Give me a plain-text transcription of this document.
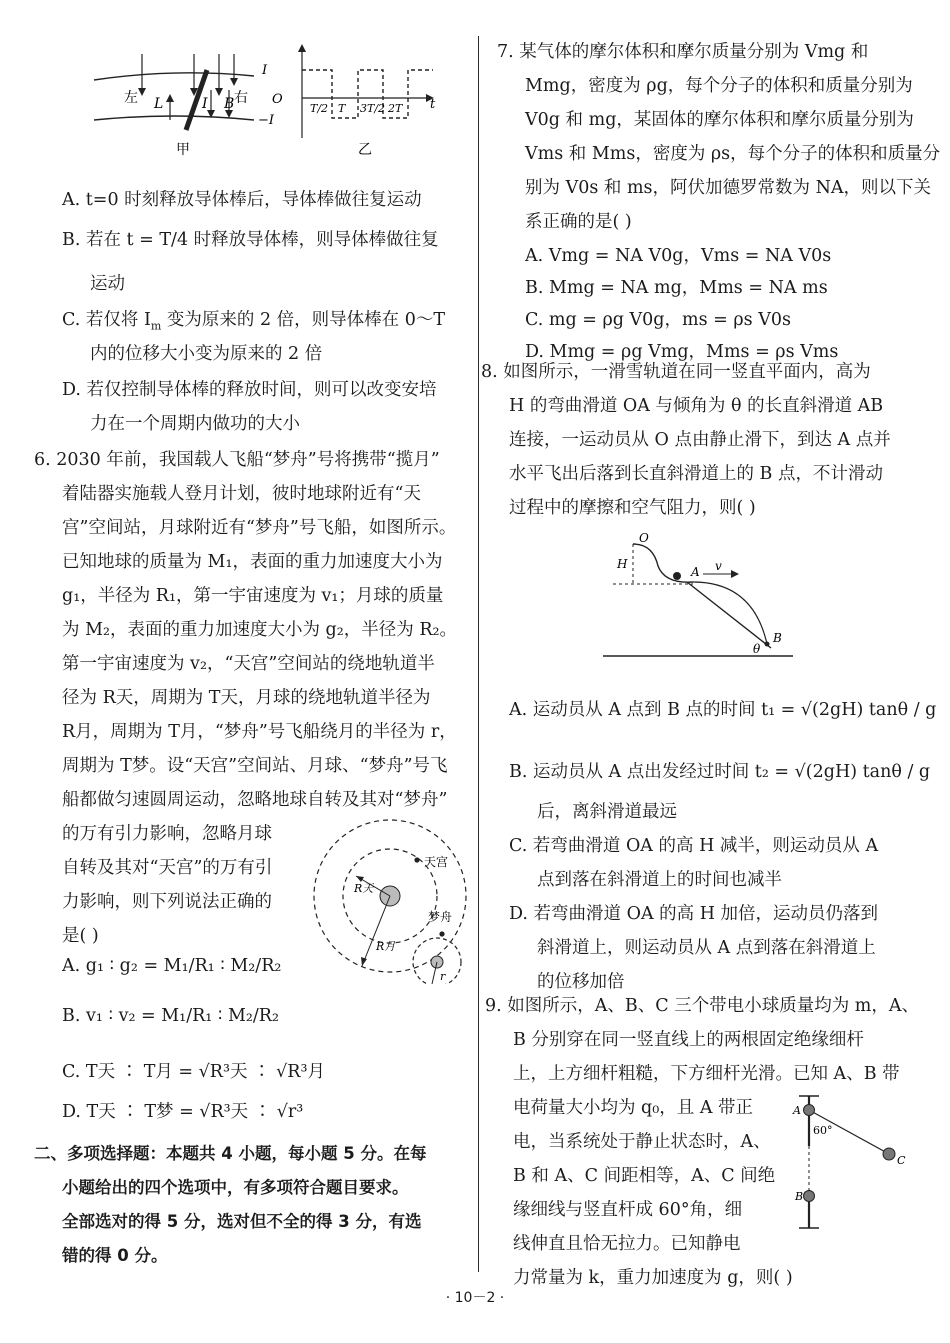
左 L	I B 右
甲
I
O
−I
T/2 T 3T/2 2T t
乙
A. t=0 时刻释放导体棒后，导体棒做往复运动
B. 若在 t = T/4 时释放导体棒，则导体棒做往复
运动
C. 若仅将 $I_m$ 变为原来的 2 倍，则导体棒在 0～T
内的位移大小变为原来的 2 倍
D. 若仅控制导体棒的释放时间，则可以改变安培
力在一个周期内做功的大小
6. 2030 年前，我国载人飞船“梦舟”号将携带“揽月”
着陆器实施载人登月计划，彼时地球附近有“天
宫”空间站，月球附近有“梦舟”号飞船，如图所示。
已知地球的质量为 M₁，表面的重力加速度大小为
g₁，半径为 R₁，第一宇宙速度为 v₁；月球的质量
为 M₂，表面的重力加速度大小为 g₂，半径为 R₂。
第一宇宙速度为 v₂，“天宫”空间站的绕地轨道半
径为 R天，周期为 T天，月球的绕地轨道半径为
R月，周期为 T月，“梦舟”号飞船绕月的半径为 r，
周期为 T梦。设“天宫”空间站、月球、“梦舟”号飞
船都做匀速圆周运动，忽略地球自转及其对“梦舟”
的万有引力影响，忽略月球
自转及其对“天宫”的万有引
力影响，则下列说法正确的
是( )
天宫
梦舟
R天
R月
r
A. g₁ ∶ g₂ = M₁/R₁ ∶ M₂/R₂
B. v₁ ∶ v₂ = M₁/R₁ ∶ M₂/R₂
C. T天 ∶ T月 = √R³天 ∶ √R³月
D. T天 ∶ T梦 = √R³天 ∶ √r³
二、多项选择题：本题共 4 小题，每小题 5 分。在每
小题给出的四个选项中，有多项符合题目要求。
全部选对的得 5 分，选对但不全的得 3 分，有选
错的得 0 分。
7. 某气体的摩尔体积和摩尔质量分别为 Vmg 和
Mmg，密度为 ρg，每个分子的体积和质量分别为
V0g 和 mg，某固体的摩尔体积和摩尔质量分别为
Vms 和 Mms，密度为 ρs，每个分子的体积和质量分
别为 V0s 和 ms，阿伏加德罗常数为 NA，则以下关
系正确的是( )
A. Vmg = NA V0g，Vms = NA V0s
B. Mmg = NA mg，Mms = NA ms
C. mg = ρg V0g，ms = ρs V0s
D. Mmg = ρg Vmg，Mms = ρs Vms
8. 如图所示，一滑雪轨道在同一竖直平面内，高为
H 的弯曲滑道 OA 与倾角为 θ 的长直斜滑道 AB
连接，一运动员从 O 点由静止滑下，到达 A 点并
水平飞出后落到长直斜滑道上的 B 点，不计滑动
过程中的摩擦和空气阻力，则( )
O
H
A v
B
θ
A. 运动员从 A 点到 B 点的时间 t₁ = √(2gH) tanθ / g
B. 运动员从 A 点出发经过时间 t₂ = √(2gH) tanθ / g
后，离斜滑道最远
C. 若弯曲滑道 OA 的高 H 减半，则运动员从 A
点到落在斜滑道上的时间也减半
D. 若弯曲滑道 OA 的高 H 加倍，运动员仍落到
斜滑道上，则运动员从 A 点到落在斜滑道上
的位移加倍
9. 如图所示，A、B、C 三个带电小球质量均为 m，A、
B 分别穿在同一竖直线上的两根固定绝缘细杆
上，上方细杆粗糙，下方细杆光滑。已知 A、B 带
电荷量大小均为 q₀，且 A 带正
电，当系统处于静止状态时，A、
B 和 A、C 间距相等，A、C 间绝
缘细线与竖直杆成 60°角，细
线伸直且恰无拉力。已知静电
力常量为 k，重力加速度为 g，则( )
A
B
C
60°
· 10－2 ·
